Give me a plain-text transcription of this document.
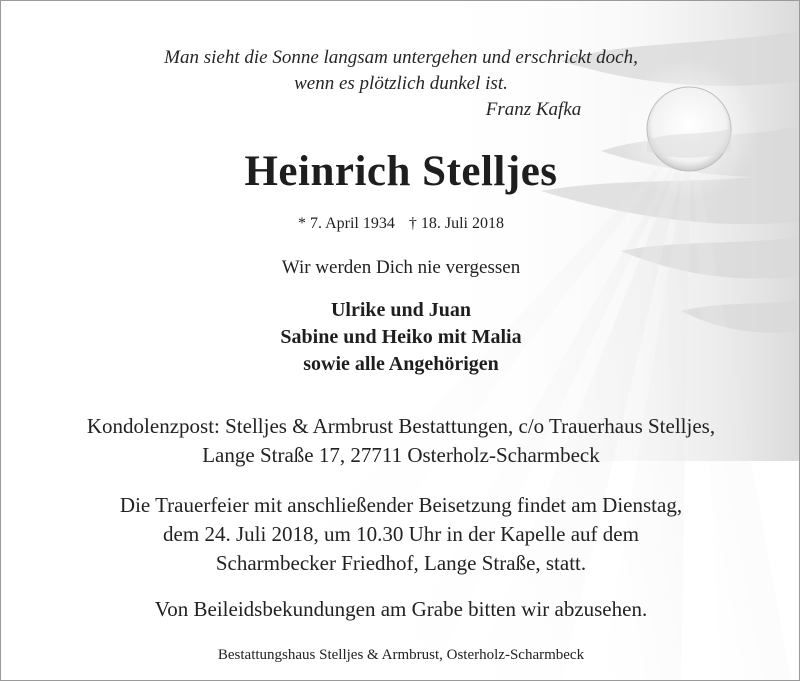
Man sieht die Sonne langsam untergehen und erschrickt doch,
wenn es plötzlich dunkel ist.
Franz Kafka
Heinrich Stelljes
* 7. April 1934 † 18. Juli 2018
Wir werden Dich nie vergessen
Ulrike und Juan
Sabine und Heiko mit Malia
sowie alle Angehörigen
Kondolenzpost: Stelljes & Armbrust Bestattungen, c/o Trauerhaus Stelljes,
Lange Straße 17, 27711 Osterholz-Scharmbeck
Die Trauerfeier mit anschließender Beisetzung findet am Dienstag,
dem 24. Juli 2018, um 10.30 Uhr in der Kapelle auf dem
Scharmbecker Friedhof, Lange Straße, statt.
Von Beileidsbekundungen am Grabe bitten wir abzusehen.
Bestattungshaus Stelljes & Armbrust, Osterholz-Scharmbeck
